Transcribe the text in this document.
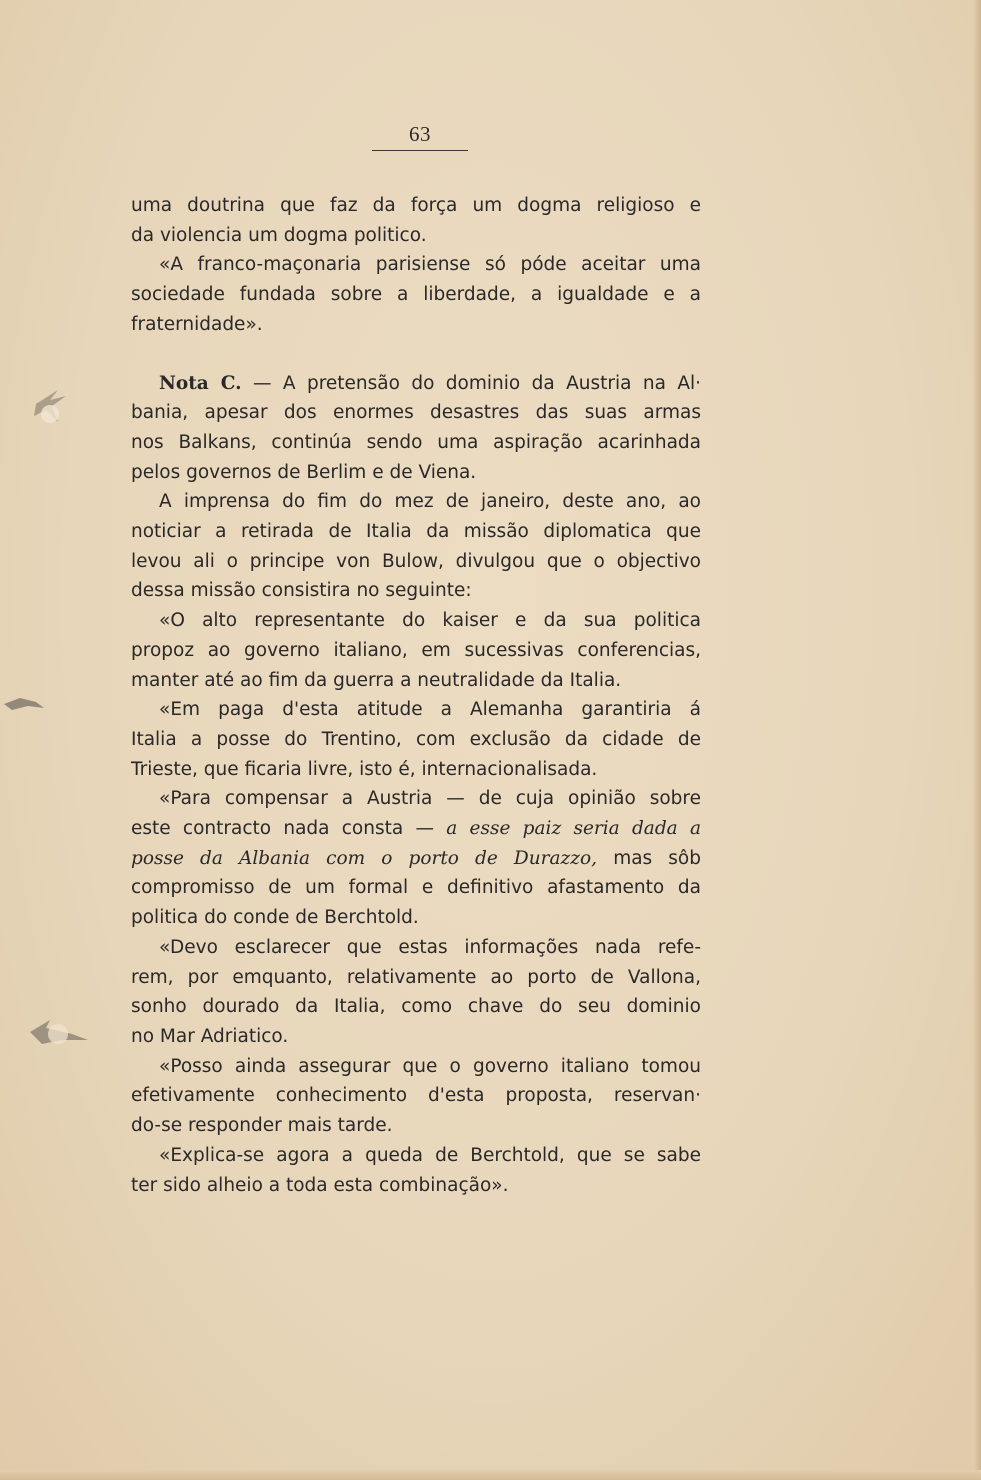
63

uma doutrina que faz da força um dogma religioso e
da violencia um dogma politico.

«A franco-maçonaria parisiense só póde aceitar uma
sociedade fundada sobre a liberdade, a igualdade e a
fraternidade».

Nota C. — A pretensão do dominio da Austria na Al·
bania, apesar dos enormes desastres das suas armas
nos Balkans, continúa sendo uma aspiração acarinhada
pelos governos de Berlim e de Viena.

A imprensa do fim do mez de janeiro, deste ano, ao
noticiar a retirada de Italia da missão diplomatica que
levou ali o principe von Bulow, divulgou que o objectivo
dessa missão consistira no seguinte:

«O alto representante do kaiser e da sua politica
propoz ao governo italiano, em sucessivas conferencias,
manter até ao fim da guerra a neutralidade da Italia.

«Em paga d'esta atitude a Alemanha garantiria á
Italia a posse do Trentino, com exclusão da cidade de
Trieste, que ficaria livre, isto é, internacionalisada.

«Para compensar a Austria — de cuja opinião sobre
este contracto nada consta — a esse paiz seria dada a
posse da Albania com o porto de Durazzo, mas sôb
compromisso de um formal e definitivo afastamento da
politica do conde de Berchtold.

«Devo esclarecer que estas informações nada refe-
rem, por emquanto, relativamente ao porto de Vallona,
sonho dourado da Italia, como chave do seu dominio
no Mar Adriatico.

«Posso ainda assegurar que o governo italiano tomou
efetivamente conhecimento d'esta proposta, reservan·
do-se responder mais tarde.

«Explica-se agora a queda de Berchtold, que se sabe
ter sido alheio a toda esta combinação».
